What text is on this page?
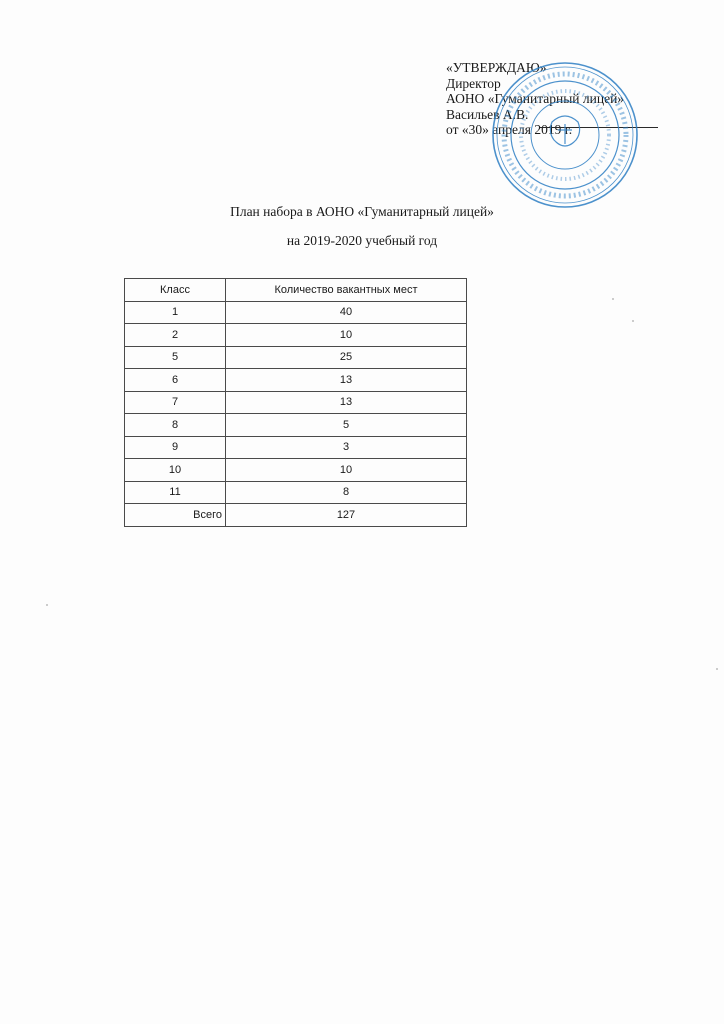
«УТВЕРЖДАЮ»
Директор
АОНО «Гуманитарный лицей»
Васильев А.В.
от «30» апреля 2019 г.
План набора в АОНО «Гуманитарный лицей»
на 2019-2020 учебный год
Класс	Количество вакантных мест
1	40
2	10
5	25
6	13
7	13
8	5
9	3
10	10
11	8
Всего	127
